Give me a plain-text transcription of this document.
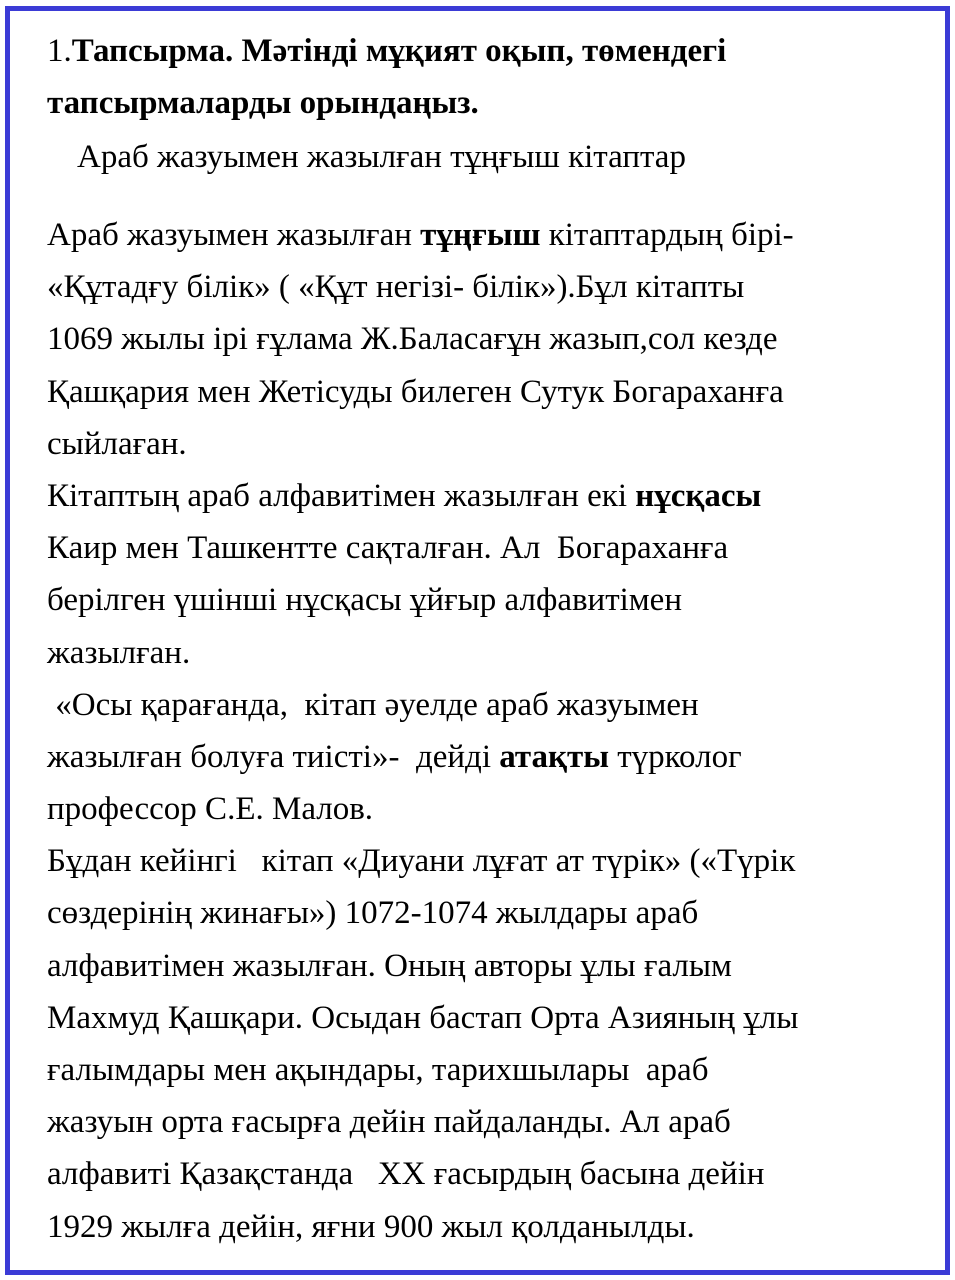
1.Тапсырма. Мәтінді мұқият оқып, төмендегі
тапсырмаларды орындаңыз.

Араб жазуымен жазылған тұңғыш кітаптар

Араб жазуымен жазылған тұңғыш кітаптардың бірі-
«Құтадғу білік» ( «Құт негізі- білік»).Бұл кітапты
1069 жылы ірі ғұлама Ж.Баласағұн жазып,сол кезде
Қашқария мен Жетісуды билеген Сутук Богараханға
сыйлаған.
Кітаптың араб алфавитімен жазылған екі нұсқасы
Каир мен Ташкентте сақталған. Ал  Богараханға
берілген үшінші нұсқасы ұйғыр алфавитімен
жазылған.
«Осы қарағанда,  кітап әуелде араб жазуымен
жазылған болуға тиісті»-  дейді атақты түрколог
профессор С.Е. Малов.
Бұдан кейінгі   кітап «Диуани лұғат ат түрік» («Түрік
сөздерінің жинағы») 1072-1074 жылдары араб
алфавитімен жазылған. Оның авторы ұлы ғалым
Махмуд Қашқари. Осыдан бастап Орта Азияның ұлы
ғалымдары мен ақындары, тарихшылары  араб
жазуын орта ғасырға дейін пайдаланды. Ал араб
алфавиті Қазақстанда   XX ғасырдың басына дейін
1929 жылға дейін, яғни 900 жыл қолданылды.
